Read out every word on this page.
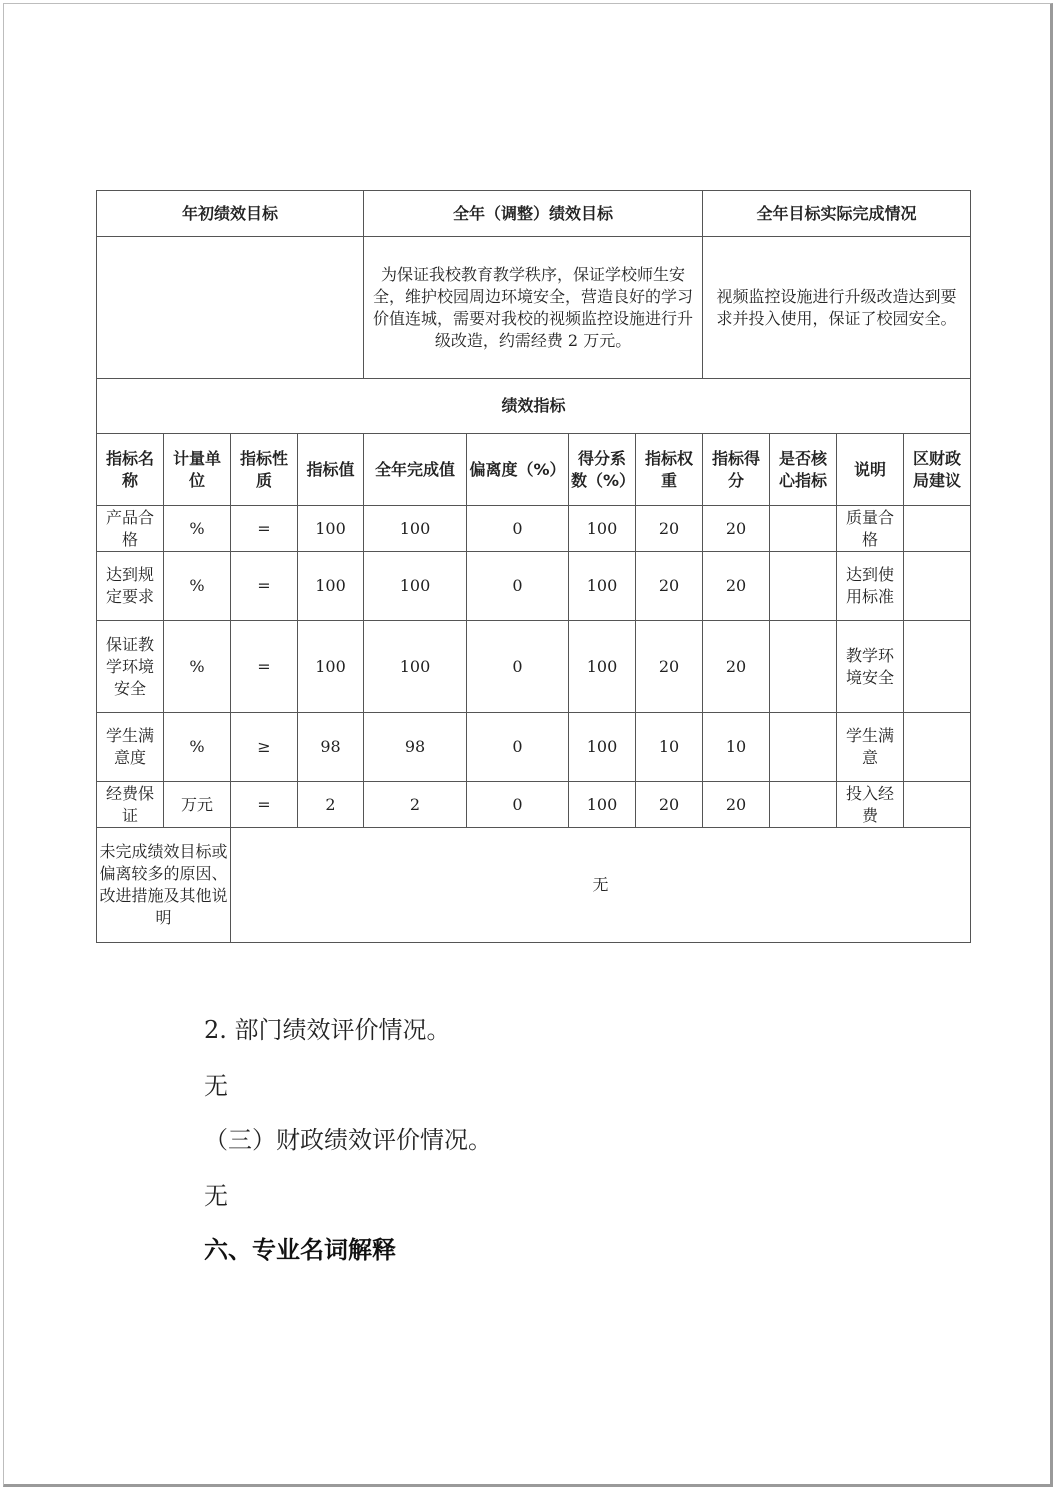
年初绩效目标				全年（调整）绩效目标				全年目标实际完成情况			
				为保证我校教育教学秩序，保证学校师生安全，维护校园周边环境安全，营造良好的学习价值连城，需要对我校的视频监控设施进行升级改造，约需经费 2 万元。				视频监控设施进行升级改造达到要求并投入使用，保证了校园安全。			
绩效指标											
指标名称	计量单位	指标性质	指标值	全年完成值	偏离度（%）	得分系数（%）	指标权重	指标得分	是否核心指标	说明	区财政局建议
产品合格	%	=	100	100	0	100	20	20		质量合格	
达到规定要求	%	=	100	100	0	100	20	20		达到使用标准	
保证教学环境安全	%	=	100	100	0	100	20	20		教学环境安全	
学生满意度	%	≥	98	98	0	100	10	10		学生满意	
经费保证	万元	=	2	2	0	100	20	20		投入经费	
未完成绩效目标或偏离较多的原因、改进措施及其他说明		无									
2. 部门绩效评价情况。
无
（三）财政绩效评价情况。
无
六、专业名词解释
